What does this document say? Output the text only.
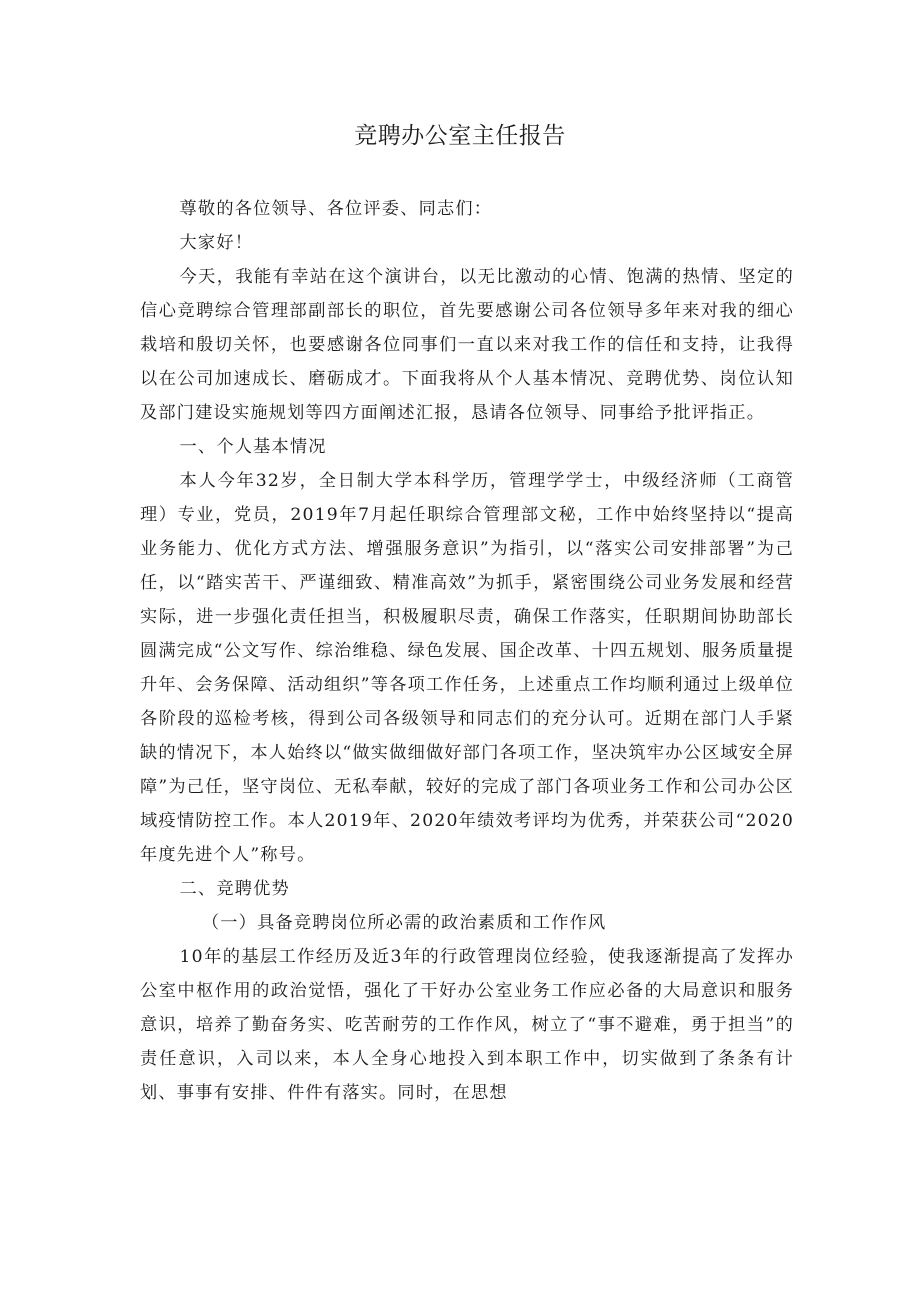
竞聘办公室主任报告

尊敬的各位领导、各位评委、同志们：

大家好！

今天，我能有幸站在这个演讲台，以无比激动的心情、饱满的热情、坚定的信心竞聘综合管理部副部长的职位，首先要感谢公司各位领导多年来对我的细心栽培和殷切关怀，也要感谢各位同事们一直以来对我工作的信任和支持，让我得以在公司加速成长、磨砺成才。下面我将从个人基本情况、竞聘优势、岗位认知及部门建设实施规划等四方面阐述汇报，恳请各位领导、同事给予批评指正。

一、个人基本情况

本人今年32岁，全日制大学本科学历，管理学学士，中级经济师（工商管理）专业，党员，2019年7月起任职综合管理部文秘，工作中始终坚持以“提高业务能力、优化方式方法、增强服务意识”为指引，以“落实公司安排部署”为己任，以“踏实苦干、严谨细致、精准高效”为抓手，紧密围绕公司业务发展和经营实际，进一步强化责任担当，积极履职尽责，确保工作落实，任职期间协助部长圆满完成“公文写作、综治维稳、绿色发展、国企改革、十四五规划、服务质量提升年、会务保障、活动组织”等各项工作任务，上述重点工作均顺利通过上级单位各阶段的巡检考核，得到公司各级领导和同志们的充分认可。近期在部门人手紧缺的情况下，本人始终以“做实做细做好部门各项工作，坚决筑牢办公区域安全屏障”为己任，坚守岗位、无私奉献，较好的完成了部门各项业务工作和公司办公区域疫情防控工作。本人2019年、2020年绩效考评均为优秀，并荣获公司“2020年度先进个人”称号。

二、竞聘优势

（一）具备竞聘岗位所必需的政治素质和工作作风

10年的基层工作经历及近3年的行政管理岗位经验，使我逐渐提高了发挥办公室中枢作用的政治觉悟，强化了干好办公室业务工作应必备的大局意识和服务意识，培养了勤奋务实、吃苦耐劳的工作作风，树立了“事不避难，勇于担当”的责任意识，入司以来，本人全身心地投入到本职工作中，切实做到了条条有计划、事事有安排、件件有落实。同时，在思想
